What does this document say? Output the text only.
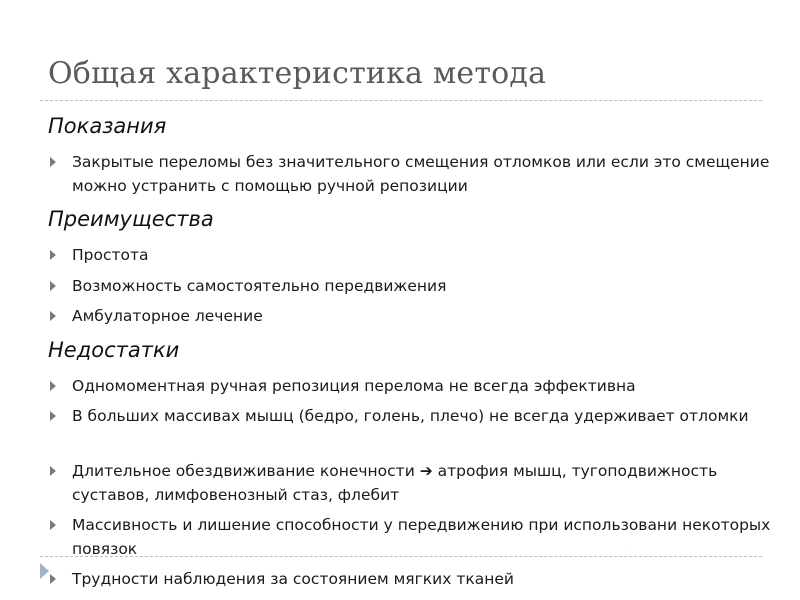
Общая характеристика метода
Показания
Закрытые переломы без значительного смещения отломков или если это смещение можно устранить с помощью ручной репозиции
Преимущества
Простота
Возможность самостоятельно передвижения
Амбулаторное лечение
Недостатки
Одномоментная ручная репозиция перелома не всегда эффективна
В больших массивах мышц (бедро, голень, плечо) не всегда удерживает отломки
Длительное обездвиживание конечности ➔ атрофия мышц, тугоподвижность суставов, лимфовенозный стаз, флебит
Массивность и лишение способности у передвижению при использовани некоторых повязок
Трудности наблюдения за состоянием мягких тканей
